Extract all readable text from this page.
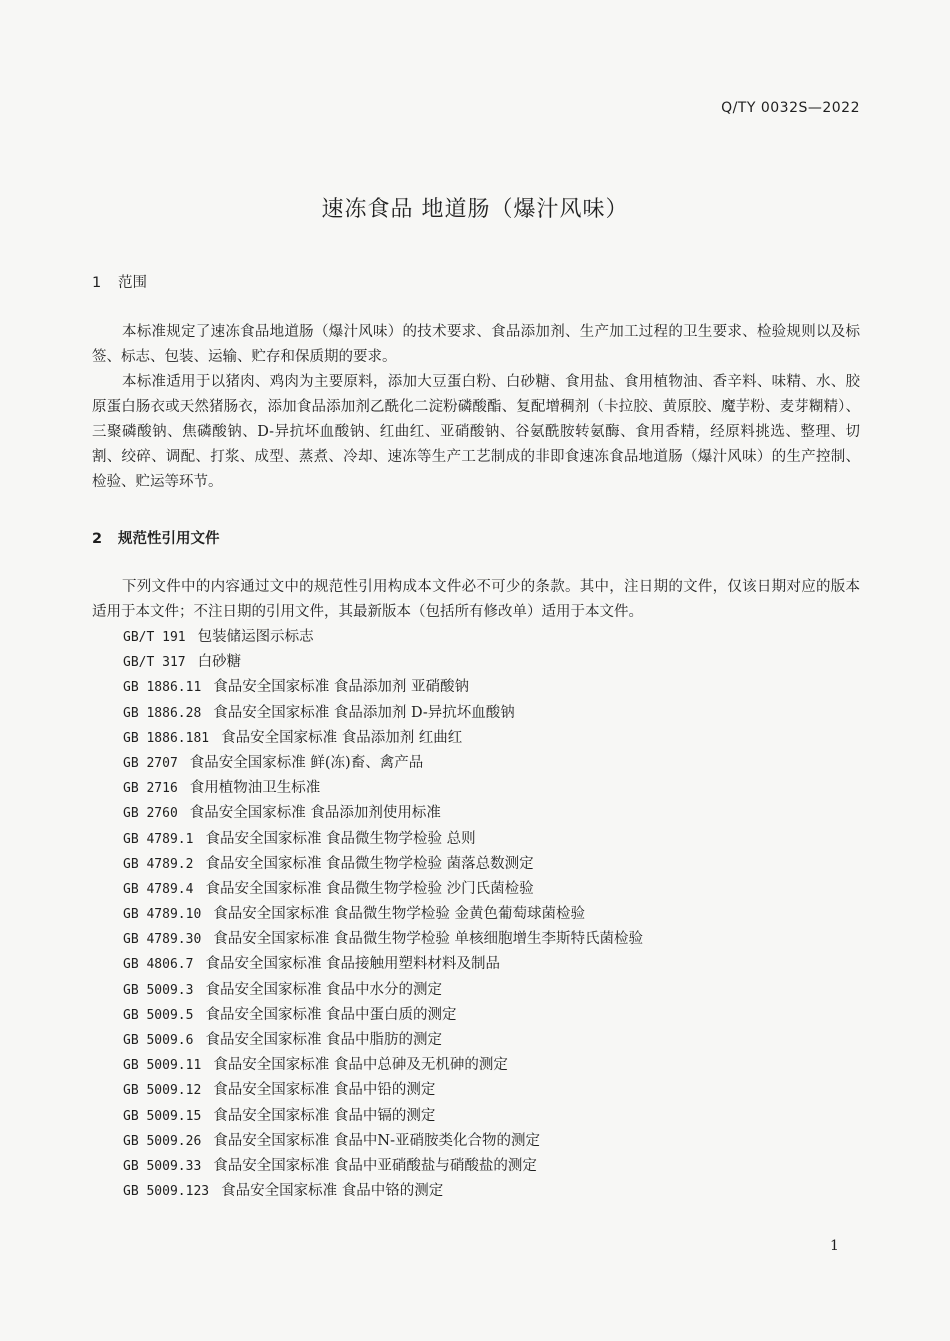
Q/TY 0032S—2022
速冻食品 地道肠（爆汁风味）
1 范围
本标准规定了速冻食品地道肠（爆汁风味）的技术要求、食品添加剂、生产加工过程的卫生要求、检验规则以及标签、标志、包装、运输、贮存和保质期的要求。
本标准适用于以猪肉、鸡肉为主要原料，添加大豆蛋白粉、白砂糖、食用盐、食用植物油、香辛料、味精、水、胶原蛋白肠衣或天然猪肠衣，添加食品添加剂乙酰化二淀粉磷酸酯、复配增稠剂（卡拉胶、黄原胶、魔芋粉、麦芽糊精）、三聚磷酸钠、焦磷酸钠、D-异抗坏血酸钠、红曲红、亚硝酸钠、谷氨酰胺转氨酶、食用香精，经原料挑选、整理、切割、绞碎、调配、打浆、成型、蒸煮、冷却、速冻等生产工艺制成的非即食速冻食品地道肠（爆汁风味）的生产控制、检验、贮运等环节。
2 规范性引用文件
下列文件中的内容通过文中的规范性引用构成本文件必不可少的条款。其中，注日期的文件，仅该日期对应的版本适用于本文件；不注日期的引用文件，其最新版本（包括所有修改单）适用于本文件。
GB/T 191 包装储运图示标志
GB/T 317 白砂糖
GB 1886.11 食品安全国家标准 食品添加剂 亚硝酸钠
GB 1886.28 食品安全国家标准 食品添加剂 D-异抗坏血酸钠
GB 1886.181 食品安全国家标准 食品添加剂 红曲红
GB 2707 食品安全国家标准 鲜(冻)畜、禽产品
GB 2716 食用植物油卫生标准
GB 2760 食品安全国家标准 食品添加剂使用标准
GB 4789.1 食品安全国家标准 食品微生物学检验 总则
GB 4789.2 食品安全国家标准 食品微生物学检验 菌落总数测定
GB 4789.4 食品安全国家标准 食品微生物学检验 沙门氏菌检验
GB 4789.10 食品安全国家标准 食品微生物学检验 金黄色葡萄球菌检验
GB 4789.30 食品安全国家标准 食品微生物学检验 单核细胞增生李斯特氏菌检验
GB 4806.7 食品安全国家标准 食品接触用塑料材料及制品
GB 5009.3 食品安全国家标准 食品中水分的测定
GB 5009.5 食品安全国家标准 食品中蛋白质的测定
GB 5009.6 食品安全国家标准 食品中脂肪的测定
GB 5009.11 食品安全国家标准 食品中总砷及无机砷的测定
GB 5009.12 食品安全国家标准 食品中铅的测定
GB 5009.15 食品安全国家标准 食品中镉的测定
GB 5009.26 食品安全国家标准 食品中N-亚硝胺类化合物的测定
GB 5009.33 食品安全国家标准 食品中亚硝酸盐与硝酸盐的测定
GB 5009.123 食品安全国家标准 食品中铬的测定
1
